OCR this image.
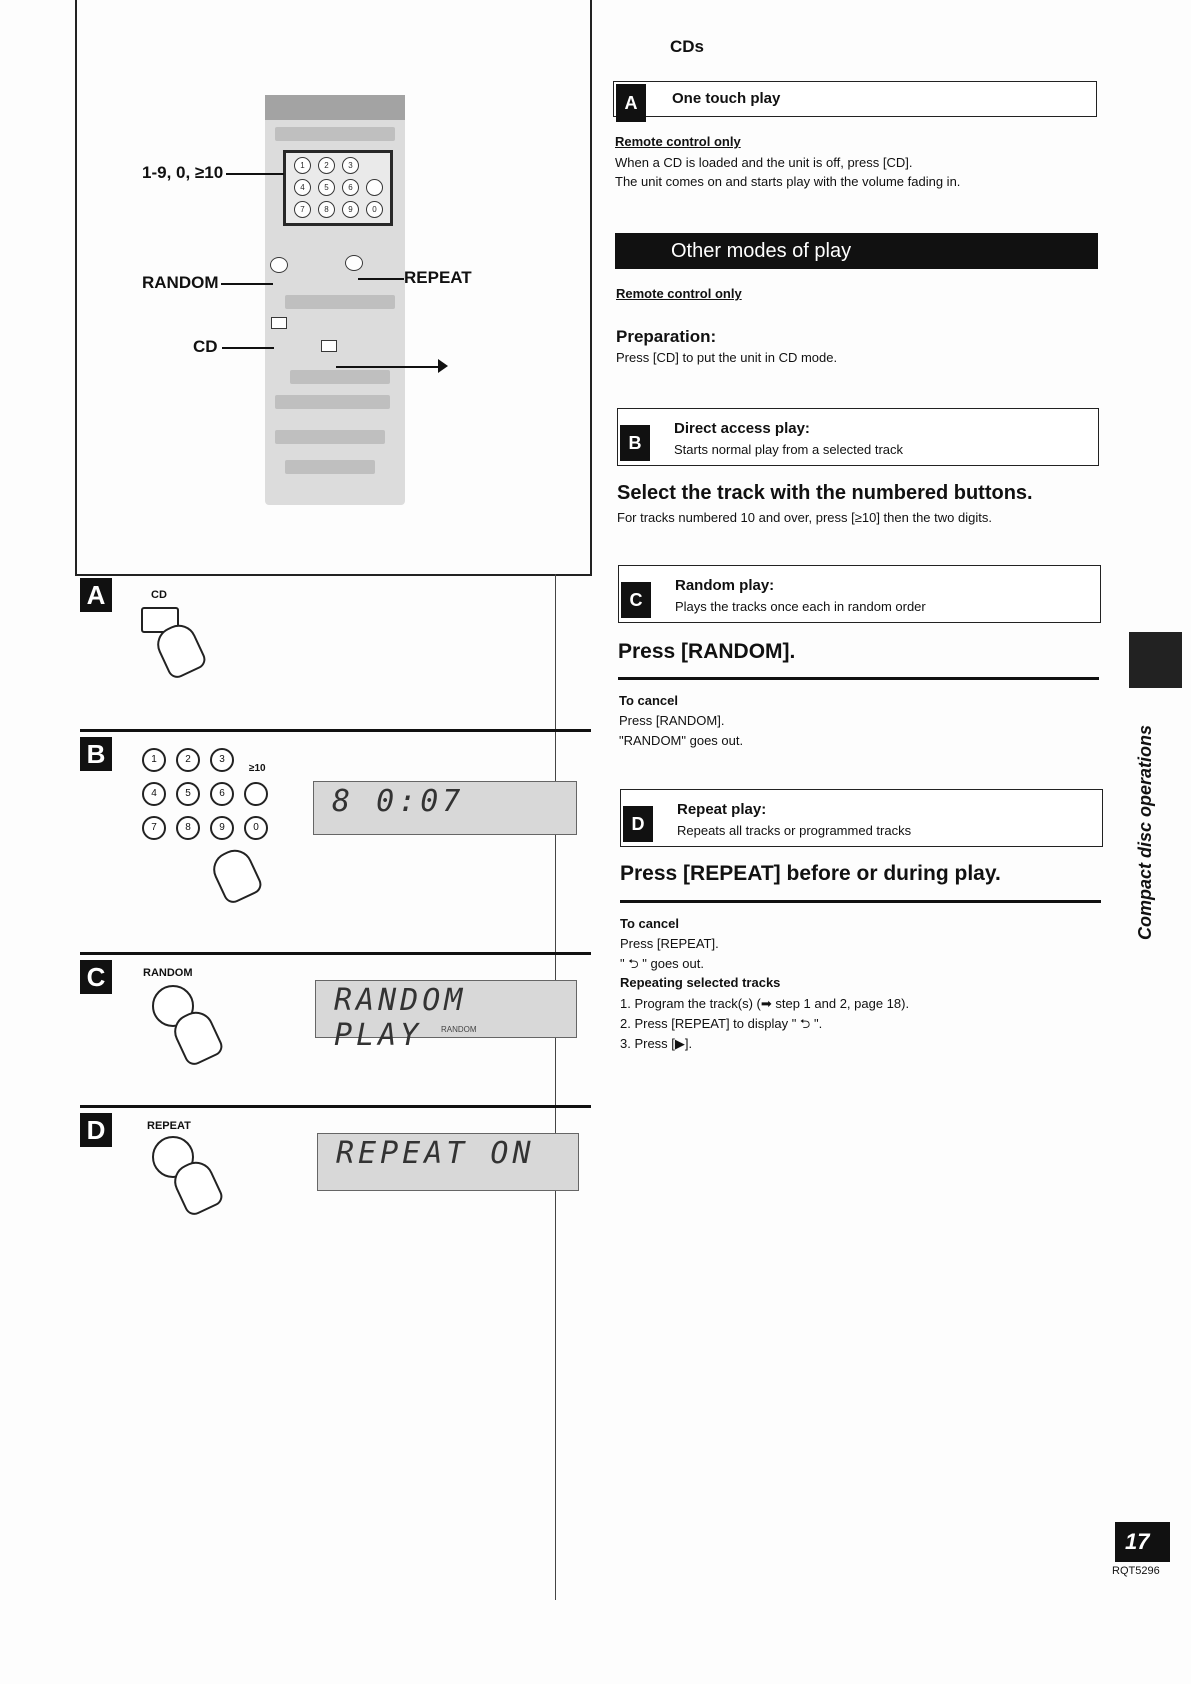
1	2	3
4	5	6
7	8	9	0
1-9, 0, ≥10
RANDOM	REPEAT
CD
A	CD
B	1	2	3
≥10
4	5	6
7	8	9	0
8 0:07
C	RANDOM
RANDOM PLAY	RANDOM
D	REPEAT
REPEAT ON
CDs
A	One touch play
Remote control only
When a CD is loaded and the unit is off, press [CD].
The unit comes on and starts play with the volume fading in.
Other modes of play
Remote control only
Preparation:
Press [CD] to put the unit in CD mode.
B
Direct access play:
Starts normal play from a selected track
Select the track with the numbered buttons.
For tracks numbered 10 and over, press [≥10] then the two digits.
C
Random play:
Plays the tracks once each in random order
Press [RANDOM].
To cancel
Press [RANDOM].
"RANDOM" goes out.
D
Repeat play:
Repeats all tracks or programmed tracks
Press [REPEAT] before or during play.
To cancel
Press [REPEAT].
" ⮌ " goes out.
Repeating selected tracks
1. Program the track(s) (➡ step 1 and 2, page 18).
2. Press [REPEAT] to display " ⮌ ".
3. Press [▶].
Compact disc operations
17
RQT5296
